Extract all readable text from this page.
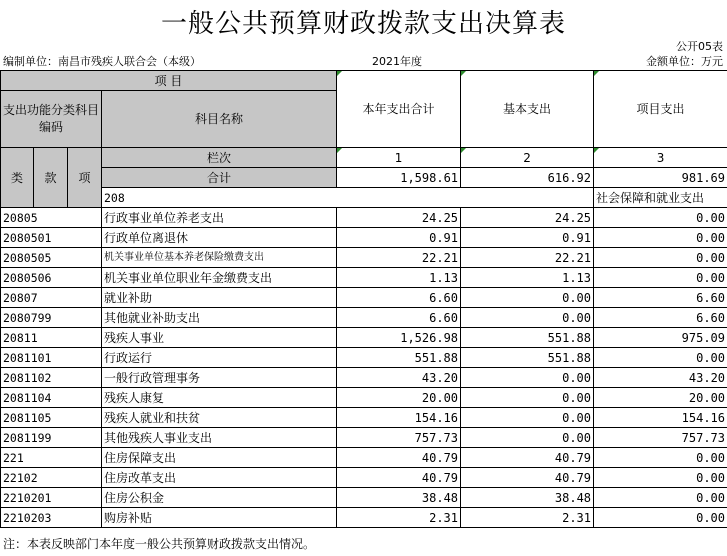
一般公共预算财政拨款支出决算表
公开05表
编制单位：南昌市残疾人联合会（本级）	2021年度	金额单位：万元
项 目				本年支出合计	基本支出	项目支出	
支出功能分类科目编码			科目名称				

类	款	项	栏次	1	2	3	
			合计	1,598.61	616.92	981.69	
			208			社会保障和就业支出			
20805			行政事业单位养老支出	24.25	24.25	0.00	
2080501			行政单位离退休	0.91	0.91	0.00	
2080505			机关事业单位基本养老保险缴费支出	22.21	22.21	0.00	
2080506			机关事业单位职业年金缴费支出	1.13	1.13	0.00	
20807			就业补助	6.60	0.00	6.60	
2080799			其他就业补助支出	6.60	0.00	6.60	
20811			残疾人事业	1,526.98	551.88	975.09	
2081101			行政运行	551.88	551.88	0.00	
2081102			一般行政管理事务	43.20	0.00	43.20	
2081104			残疾人康复	20.00	0.00	20.00	
2081105			残疾人就业和扶贫	154.16	0.00	154.16	
2081199			其他残疾人事业支出	757.73	0.00	757.73	
221			住房保障支出	40.79	40.79	0.00	
22102			住房改革支出	40.79	40.79	0.00	
2210201			住房公积金	38.48	38.48	0.00	
2210203			购房补贴	2.31	2.31	0.00	
注：本表反映部门本年度一般公共预算财政拨款支出情况。
